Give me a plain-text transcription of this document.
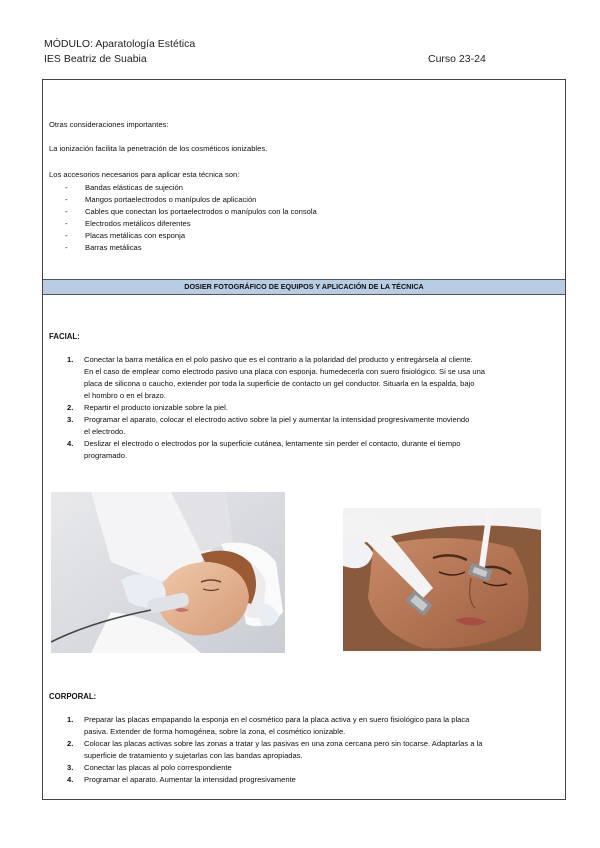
MÓDULO: Aparatología Estética
IES Beatriz de Suabia	Curso 23-24
Otras consideraciones importantes:
La ionización facilita la penetración de los cosméticos ionizables.
Los accesorios necesarios para aplicar esta técnica son:
- Bandas elásticas de sujeción
- Mangos portaelectrodos o manípulos de aplicación
- Cables que conectan los portaelectrodos o manípulos con la consola
- Electrodos metálicos diferentes
- Placas metálicas con esponja
- Barras metálicas
DOSIER FOTOGRÁFICO DE EQUIPOS Y APLICACIÓN DE LA TÉCNICA
FACIAL:
1. Conectar la barra metálica en el polo pasivo que es el contrario a la polaridad del producto y entregársela al cliente.
En el caso de emplear como electrodo pasivo una placa con esponja. humedecerla con suero fisiológico. Si se usa una
placa de silicona o caucho, extender por toda la superficie de contacto un gel conductor. Situarla en la espalda, bajo
el hombro o en el brazo.
2. Repartir el producto ionizable sobre la piel.
3. Programar el aparato, colocar el electrodo activo sobre la piel y aumentar la intensidad progresivamente moviendo
el electrodo.
4. Deslizar el electrodo o electrodos por la superficie cutánea, lentamente sin perder el contacto, durante el tiempo
programado.
CORPORAL:
1. Preparar las placas empapando la esponja en el cosmético para la placa activa y en suero fisiológico para la placa
pasiva. Extender de forma homogénea, sobre la zona, el cosmético ionizable.
2. Colocar las placas activas sobre las zonas a tratar y las pasivas en una zona cercana pero sin tocarse. Adaptarlas a la
superficie de tratamiento y sujetarlas con las bandas apropiadas.
3. Conectar las placas al polo correspondiente
4. Programar el aparato. Aumentar la intensidad progresivamente
